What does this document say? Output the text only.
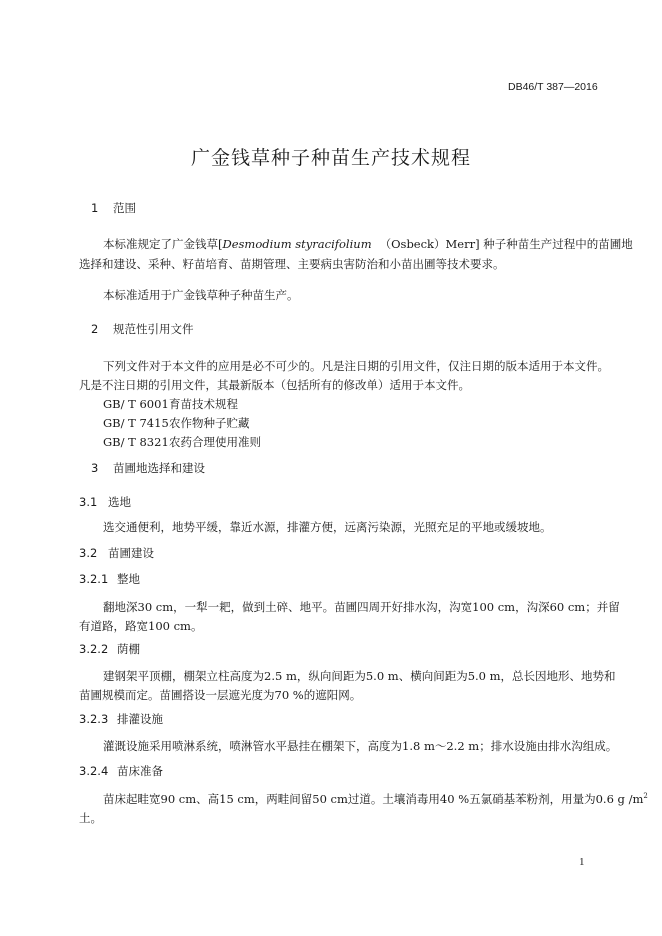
DB46/T 387—2016
广金钱草种子种苗生产技术规程
1 范围
本标准规定了广金钱草[Desmodium styracifolium （Osbeck）Merr] 种子种苗生产过程中的苗圃地
选择和建设、采种、籽苗培育、苗期管理、主要病虫害防治和小苗出圃等技术要求。
本标准适用于广金钱草种子种苗生产。
2 规范性引用文件
下列文件对于本文件的应用是必不可少的。凡是注日期的引用文件，仅注日期的版本适用于本文件。
凡是不注日期的引用文件，其最新版本（包括所有的修改单）适用于本文件。
GB/ T 6001育苗技术规程
GB/ T 7415农作物种子贮藏
GB/ T 8321农药合理使用准则
3 苗圃地选择和建设
3.1 选地
选交通便利，地势平缓，靠近水源，排灌方便，远离污染源，光照充足的平地或缓坡地。
3.2 苗圃建设
3.2.1 整地
翻地深30 cm，一犁一耙，做到土碎、地平。苗圃四周开好排水沟，沟宽100 cm，沟深60 cm；并留
有道路，路宽100 cm。
3.2.2 荫棚
建钢架平顶棚，棚架立柱高度为2.5 m，纵向间距为5.0 m、横向间距为5.0 m，总长因地形、地势和
苗圃规模而定。苗圃搭设一层遮光度为70 %的遮阳网。
3.2.3 排灌设施
灌溉设施采用喷淋系统，喷淋管水平悬挂在棚架下，高度为1.8 m～2.2 m；排水设施由排水沟组成。
3.2.4 苗床准备
苗床起畦宽90 cm、高15 cm，两畦间留50 cm过道。土壤消毒用40 %五氯硝基苯粉剂，用量为0.6 g $/m^2$
土。
1
